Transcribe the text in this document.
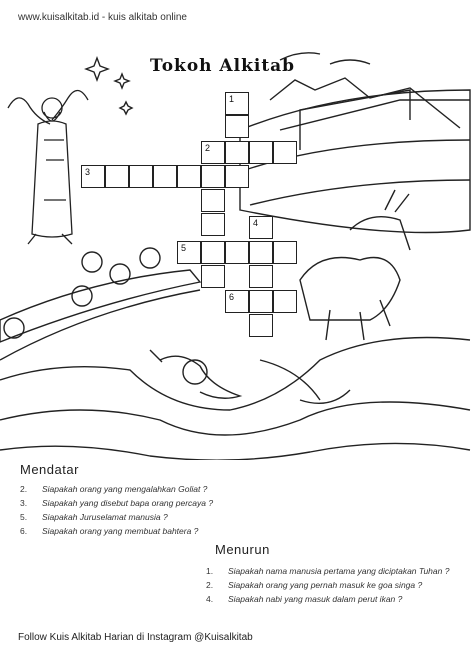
www.kuisalkitab.id - kuis alkitab online
Tokoh Alkitab
1
2
3
4
5
6
Mendatar
2.	Siapakah orang yang mengalahkan Goliat ?
3.	Siapakah yang disebut bapa orang percaya ?
5.	Siapakah Juruselamat manusia ?
6.	Siapakah orang yang membuat bahtera ?
Menurun
1.	Siapakah nama manusia pertama yang diciptakan Tuhan ?
2.	Siapakah orang yang pernah masuk ke goa singa ?
4.	Siapakah nabi yang masuk dalam perut ikan ?
Follow Kuis Alkitab Harian di Instagram @Kuisalkitab
